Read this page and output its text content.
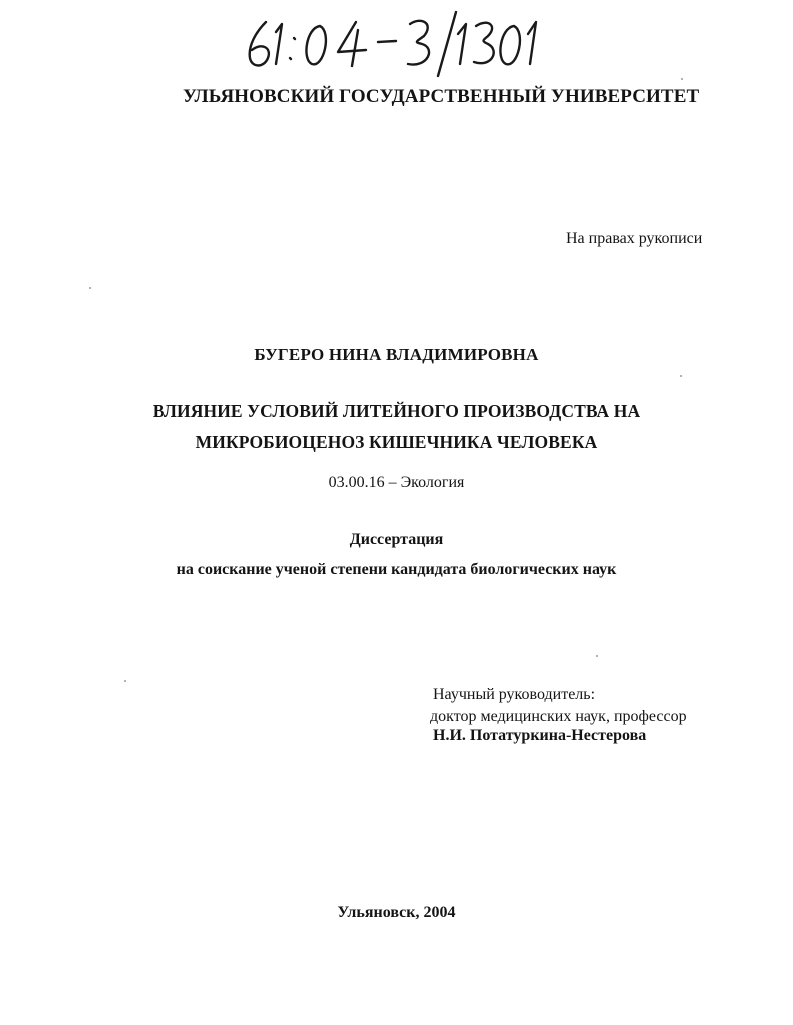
УЛЬЯНОВСКИЙ ГОСУДАРСТВЕННЫЙ УНИВЕРСИТЕТ
На правах рукописи
БУГЕРО НИНА ВЛАДИМИРОВНА
ВЛИЯНИЕ УСЛОВИЙ ЛИТЕЙНОГО ПРОИЗВОДСТВА НА
МИКРОБИОЦЕНОЗ КИШЕЧНИКА ЧЕЛОВЕКА
03.00.16 – Экология
Диссертация
на соискание ученой степени кандидата биологических наук
Научный руководитель:
доктор медицинских наук, профессор
Н.И. Потатуркина-Нестерова
Ульяновск, 2004
